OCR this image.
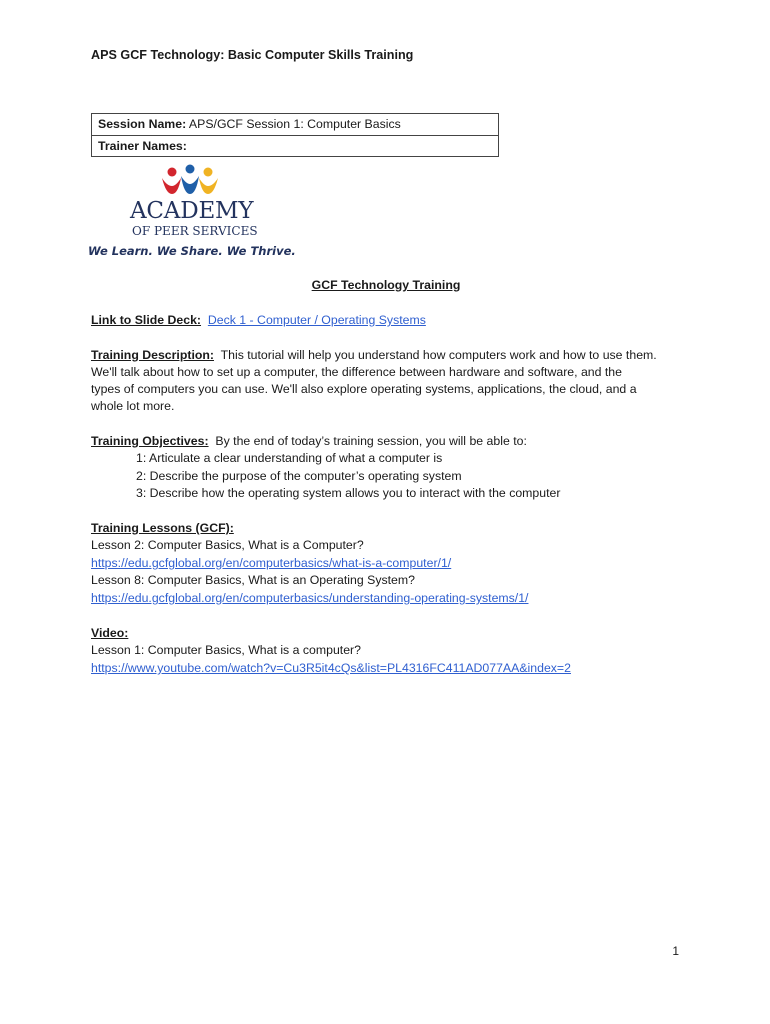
APS GCF Technology: Basic Computer Skills Training
Session Name: APS/GCF Session 1: Computer Basics
Trainer Names:
ACADEMY
OF PEER SERVICES
We Learn. We Share. We Thrive.
GCF Technology Training
Link to Slide Deck: Deck 1 - Computer / Operating Systems
Training Description: This tutorial will help you understand how computers work and how to use them.
We'll talk about how to set up a computer, the difference between hardware and software, and the
types of computers you can use. We'll also explore operating systems, applications, the cloud, and a
whole lot more.
Training Objectives: By the end of today’s training session, you will be able to:
1: Articulate a clear understanding of what a computer is
2: Describe the purpose of the computer’s operating system
3: Describe how the operating system allows you to interact with the computer
Training Lessons (GCF):
Lesson 2: Computer Basics, What is a Computer?
https://edu.gcfglobal.org/en/computerbasics/what-is-a-computer/1/
Lesson 8: Computer Basics, What is an Operating System?
https://edu.gcfglobal.org/en/computerbasics/understanding-operating-systems/1/
Video:
Lesson 1: Computer Basics, What is a computer?
https://www.youtube.com/watch?v=Cu3R5it4cQs&list=PL4316FC411AD077AA&index=2
1
